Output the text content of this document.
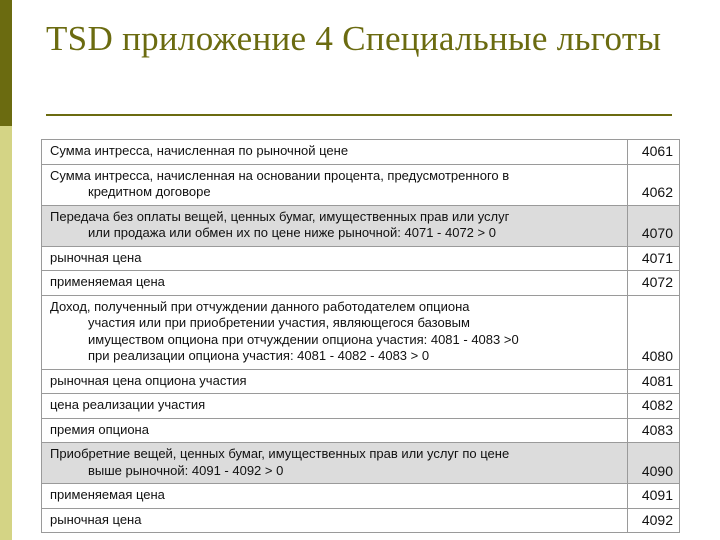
TSD приложение 4 Специальные льготы
Сумма интресса, начисленная по рыночной цене	4061
Сумма интресса, начисленная на основании процента, предусмотренного в
кредитном договоре	4062
Передача без оплаты вещей, ценных бумаг, имущественных прав или услуг
или продажа или обмен их по цене ниже рыночной: 4071 - 4072 > 0	4070
рыночная цена	4071
применяемая цена	4072
Доход, полученный при отчуждении данного работодателем опциона
участия или при приобретении участия, являющегося базовым
имуществом опциона при отчуждении опциона участия: 4081 - 4083 >0
при реализации опциона участия: 4081 - 4082 - 4083 > 0	4080
рыночная цена опциона участия	4081
цена реализации участия	4082
премия опциона	4083
Приобретние вещей, ценных бумаг, имущественных прав или услуг по цене
выше рыночной: 4091 - 4092 > 0	4090
применяемая цена	4091
рыночная цена	4092
